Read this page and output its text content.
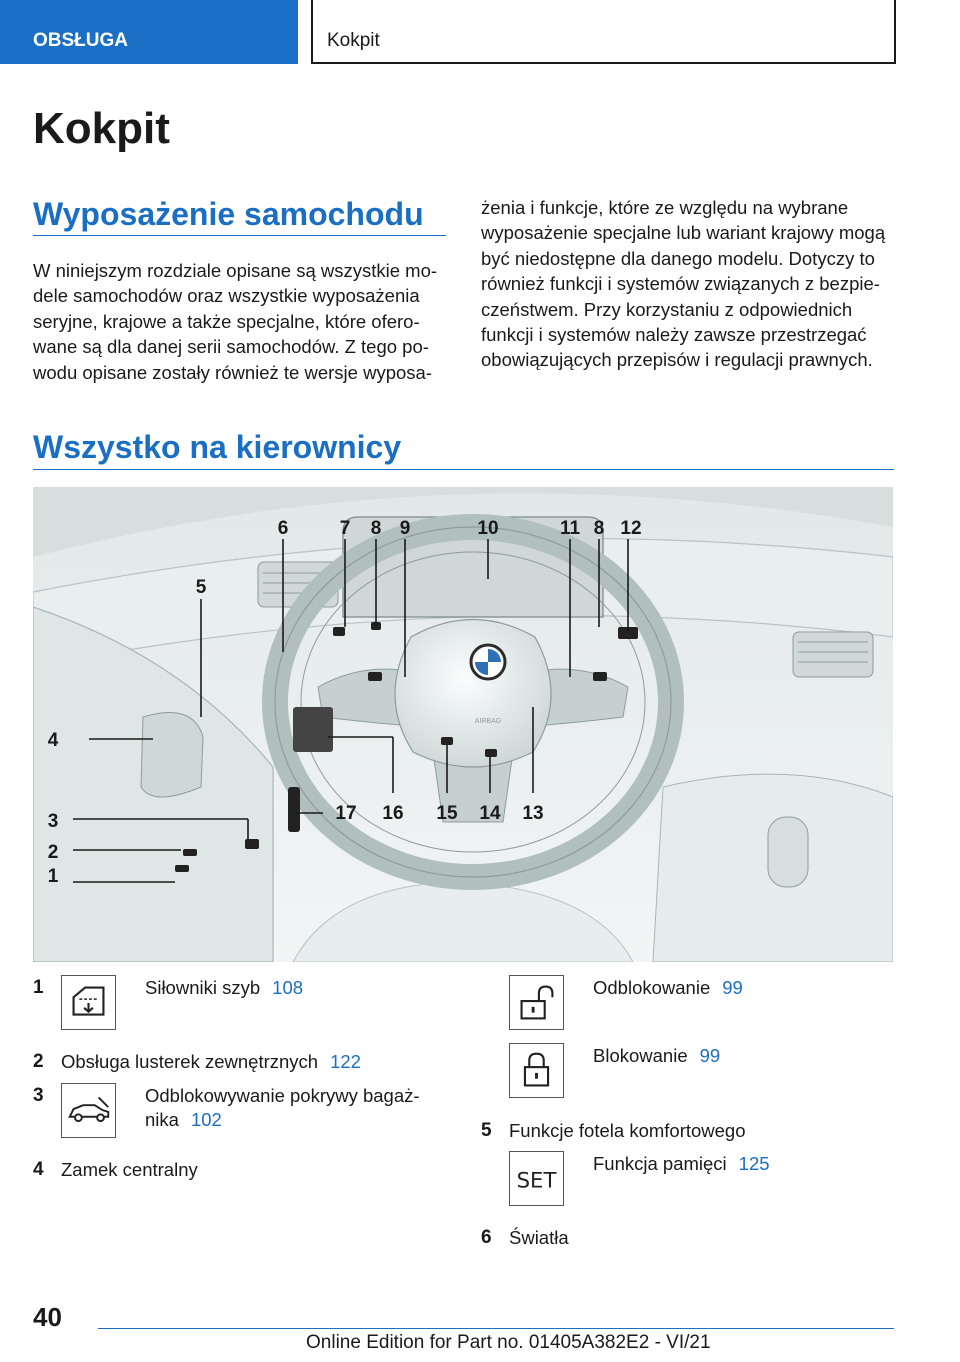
OBSŁUGA	Kokpit
Kokpit
Wyposażenie samochodu
W niniejszym rozdziale opisane są wszystkie mo‐
dele samochodów oraz wszystkie wyposażenia
seryjne, krajowe a także specjalne, które ofero‐
wane są dla danej serii samochodów. Z tego po‐
wodu opisane zostały również te wersje wyposa‐
żenia i funkcje, które ze względu na wybrane
wyposażenie specjalne lub wariant krajowy mogą
być niedostępne dla danego modelu. Dotyczy to
również funkcji i systemów związanych z bezpie‐
czeństwem. Przy korzystaniu z odpowiednich
funkcji i systemów należy zawsze przestrzegać
obowiązujących przepisów i regulacji prawnych.
Wszystko na kierownicy
AIRBAG
1
2
3
4
5
6	7 8 9	10	11 8 12
13
14
15
16
17
1	Siłowniki szyb 108
2 Obsługa lusterek zewnętrznych 122
3	Odblokowywanie pokrywy bagaż‐
nika 102
4 Zamek centralny
Odblokowanie 99
Blokowanie 99
5 Funkcje fotela komfortowego
SET
Funkcja pamięci 125
6 Światła
40
Online Edition for Part no. 01405A382E2 - VI/21
